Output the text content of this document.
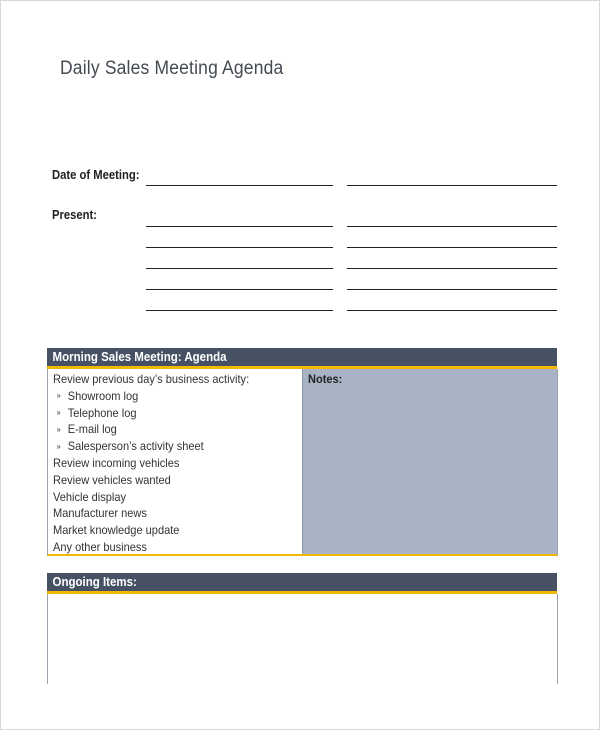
Daily Sales Meeting Agenda
Date of Meeting:
Present:
Morning Sales Meeting: Agenda
Review previous day’s business activity:
» Showroom log
» Telephone log
» E-mail log
» Salesperson’s activity sheet
Review incoming vehicles
Review vehicles wanted
Vehicle display
Manufacturer news
Market knowledge update
Any other business
Notes:
Ongoing Items:
